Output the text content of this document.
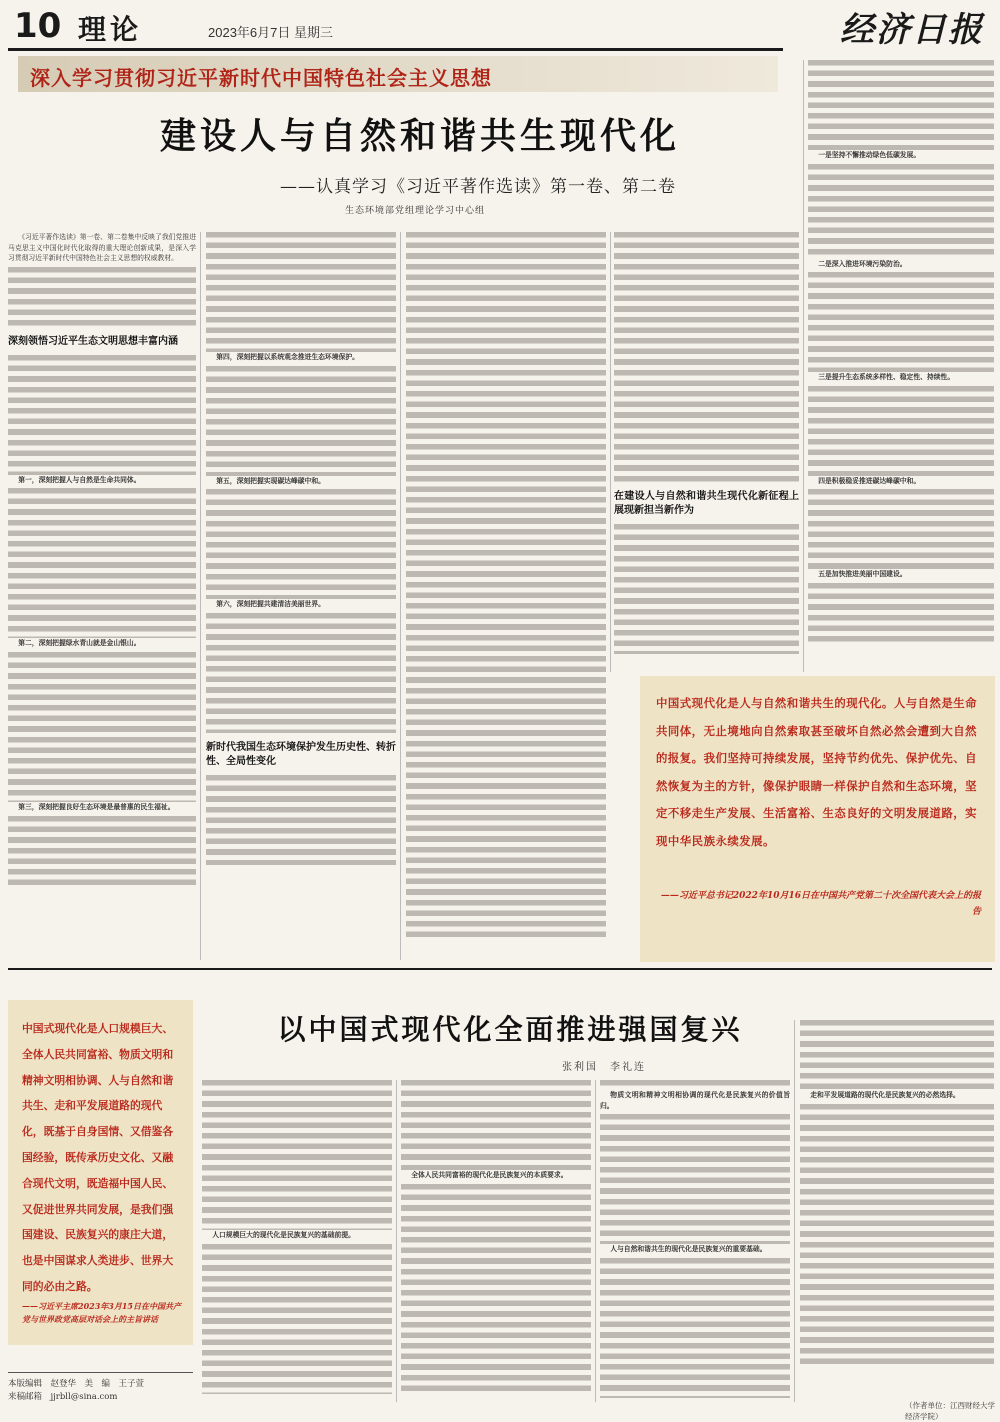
10 理论	2023年6月7日 星期三	经济日报
深入学习贯彻习近平新时代中国特色社会主义思想
建设人与自然和谐共生现代化
——认真学习《习近平著作选读》第一卷、第二卷
生态环境部党组理论学习中心组
《习近平著作选读》第一卷、第二卷集中反映了我们党推进马克思主义中国化时代化取得的重大理论创新成果，是深入学习贯彻习近平新时代中国特色社会主义思想的权威教材。
深刻领悟习近平生态文明思想丰富内涵
第一，深刻把握人与自然是生命共同体。
第二，深刻把握绿水青山就是金山银山。
第三，深刻把握良好生态环境是最普惠的民生福祉。
第四，深刻把握以系统观念推进生态环境保护。
第五，深刻把握实现碳达峰碳中和。
第六，深刻把握共建清洁美丽世界。
新时代我国生态环境保护发生历史性、转折性、全局性变化
在建设人与自然和谐共生现代化新征程上展现新担当新作为
一是坚持不懈推动绿色低碳发展。
二是深入推进环境污染防治。
三是提升生态系统多样性、稳定性、持续性。
四是积极稳妥推进碳达峰碳中和。
五是加快推进美丽中国建设。
中国式现代化是人与自然和谐共生的现代化。人与自然是生命共同体，无止境地向自然索取甚至破坏自然必然会遭到大自然的报复。我们坚持可持续发展，坚持节约优先、保护优先、自然恢复为主的方针，像保护眼睛一样保护自然和生态环境，坚定不移走生产发展、生活富裕、生态良好的文明发展道路，实现中华民族永续发展。
——习近平总书记2022年10月16日在中国共产党第二十次全国代表大会上的报告
以中国式现代化全面推进强国复兴
张利国　李礼连
中国式现代化是人口规模巨大、全体人民共同富裕、物质文明和精神文明相协调、人与自然和谐共生、走和平发展道路的现代化，既基于自身国情、又借鉴各国经验，既传承历史文化、又融合现代文明，既造福中国人民、又促进世界共同发展，是我们强国建设、民族复兴的康庄大道，也是中国谋求人类进步、世界大同的必由之路。
——习近平主席2023年3月15日在中国共产党与世界政党高层对话会上的主旨讲话
人口规模巨大的现代化是民族复兴的基础前提。
全体人民共同富裕的现代化是民族复兴的本质要求。
物质文明和精神文明相协调的现代化是民族复兴的价值旨归。
人与自然和谐共生的现代化是民族复兴的重要基础。
走和平发展道路的现代化是民族复兴的必然选择。
（作者单位：江西财经大学经济学院）
本版编辑　赵登华　美　编　王子萱
来稿邮箱　jjrbll@sina.com
